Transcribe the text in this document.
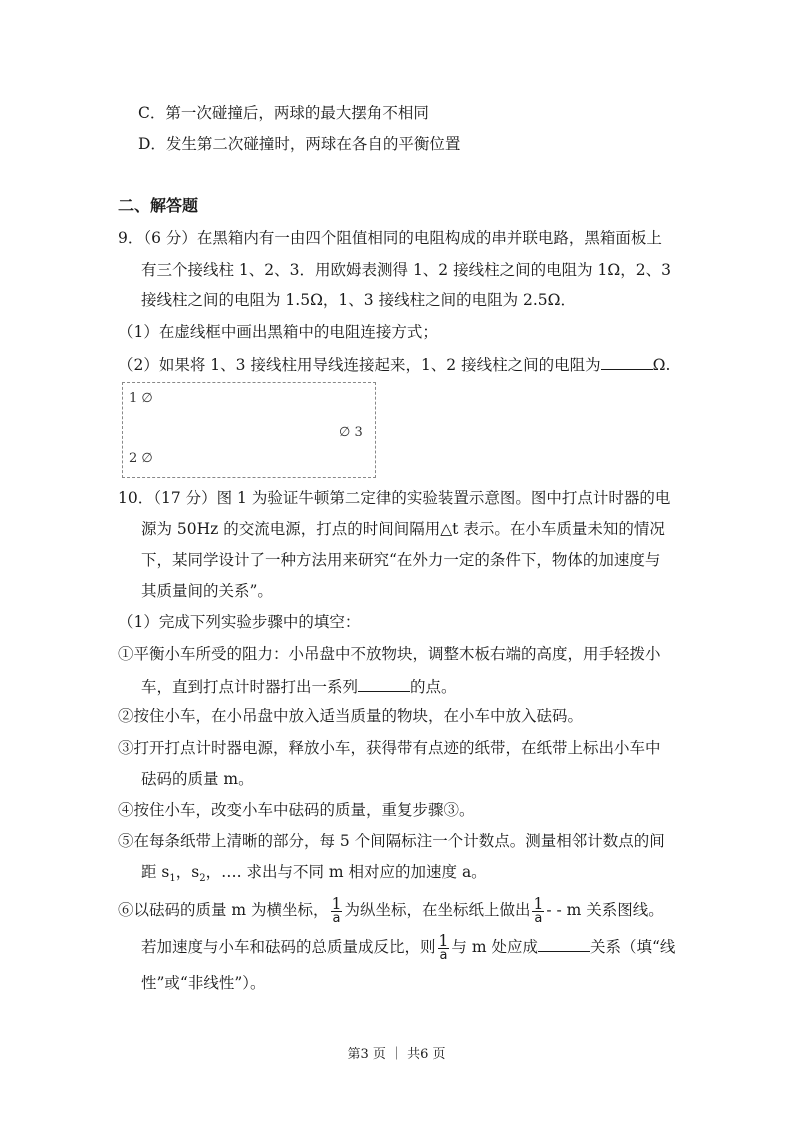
C．第一次碰撞后，两球的最大摆角不相同
D．发生第二次碰撞时，两球在各自的平衡位置
二、解答题
9．（6 分）在黑箱内有一由四个阻值相同的电阻构成的串并联电路，黑箱面板上
有三个接线柱 1、2、3．用欧姆表测得 1、2 接线柱之间的电阻为 1Ω，2、3
接线柱之间的电阻为 1.5Ω，1、3 接线柱之间的电阻为 2.5Ω．
（1）在虚线框中画出黑箱中的电阻连接方式；
（2）如果将 1、3 接线柱用导线连接起来，1、2 接线柱之间的电阻为	Ω.
1 ∅
∅ 3
2 ∅
10．（17 分）图 1 为验证牛顿第二定律的实验装置示意图。图中打点计时器的电
源为 50Hz 的交流电源，打点的时间间隔用△t 表示。在小车质量未知的情况
下，某同学设计了一种方法用来研究“在外力一定的条件下，物体的加速度与
其质量间的关系”。
（1）完成下列实验步骤中的填空：
①平衡小车所受的阻力：小吊盘中不放物块，调整木板右端的高度，用手轻拨小
车，直到打点计时器打出一系列	的点。
②按住小车，在小吊盘中放入适当质量的物块，在小车中放入砝码。
③打开打点计时器电源，释放小车，获得带有点迹的纸带，在纸带上标出小车中
砝码的质量 m。
④按住小车，改变小车中砝码的质量，重复步骤③。
⑤在每条纸带上清晰的部分，每 5 个间隔标注一个计数点。测量相邻计数点的间
距 $s_1$，$s_2$，…. 求出与不同 m 相对应的加速度 a。
⑥以砝码的质量 m 为横坐标， $\frac{1}{a}$ 为纵坐标，在坐标纸上做出 $\frac{1}{a}$ - - m 关系图线。
若加速度与小车和砝码的总质量成反比，则 $\frac{1}{a}$ 与 m 处应成	关系（填“线
性”或“非线性”）。
第3 页 ｜ 共6 页
